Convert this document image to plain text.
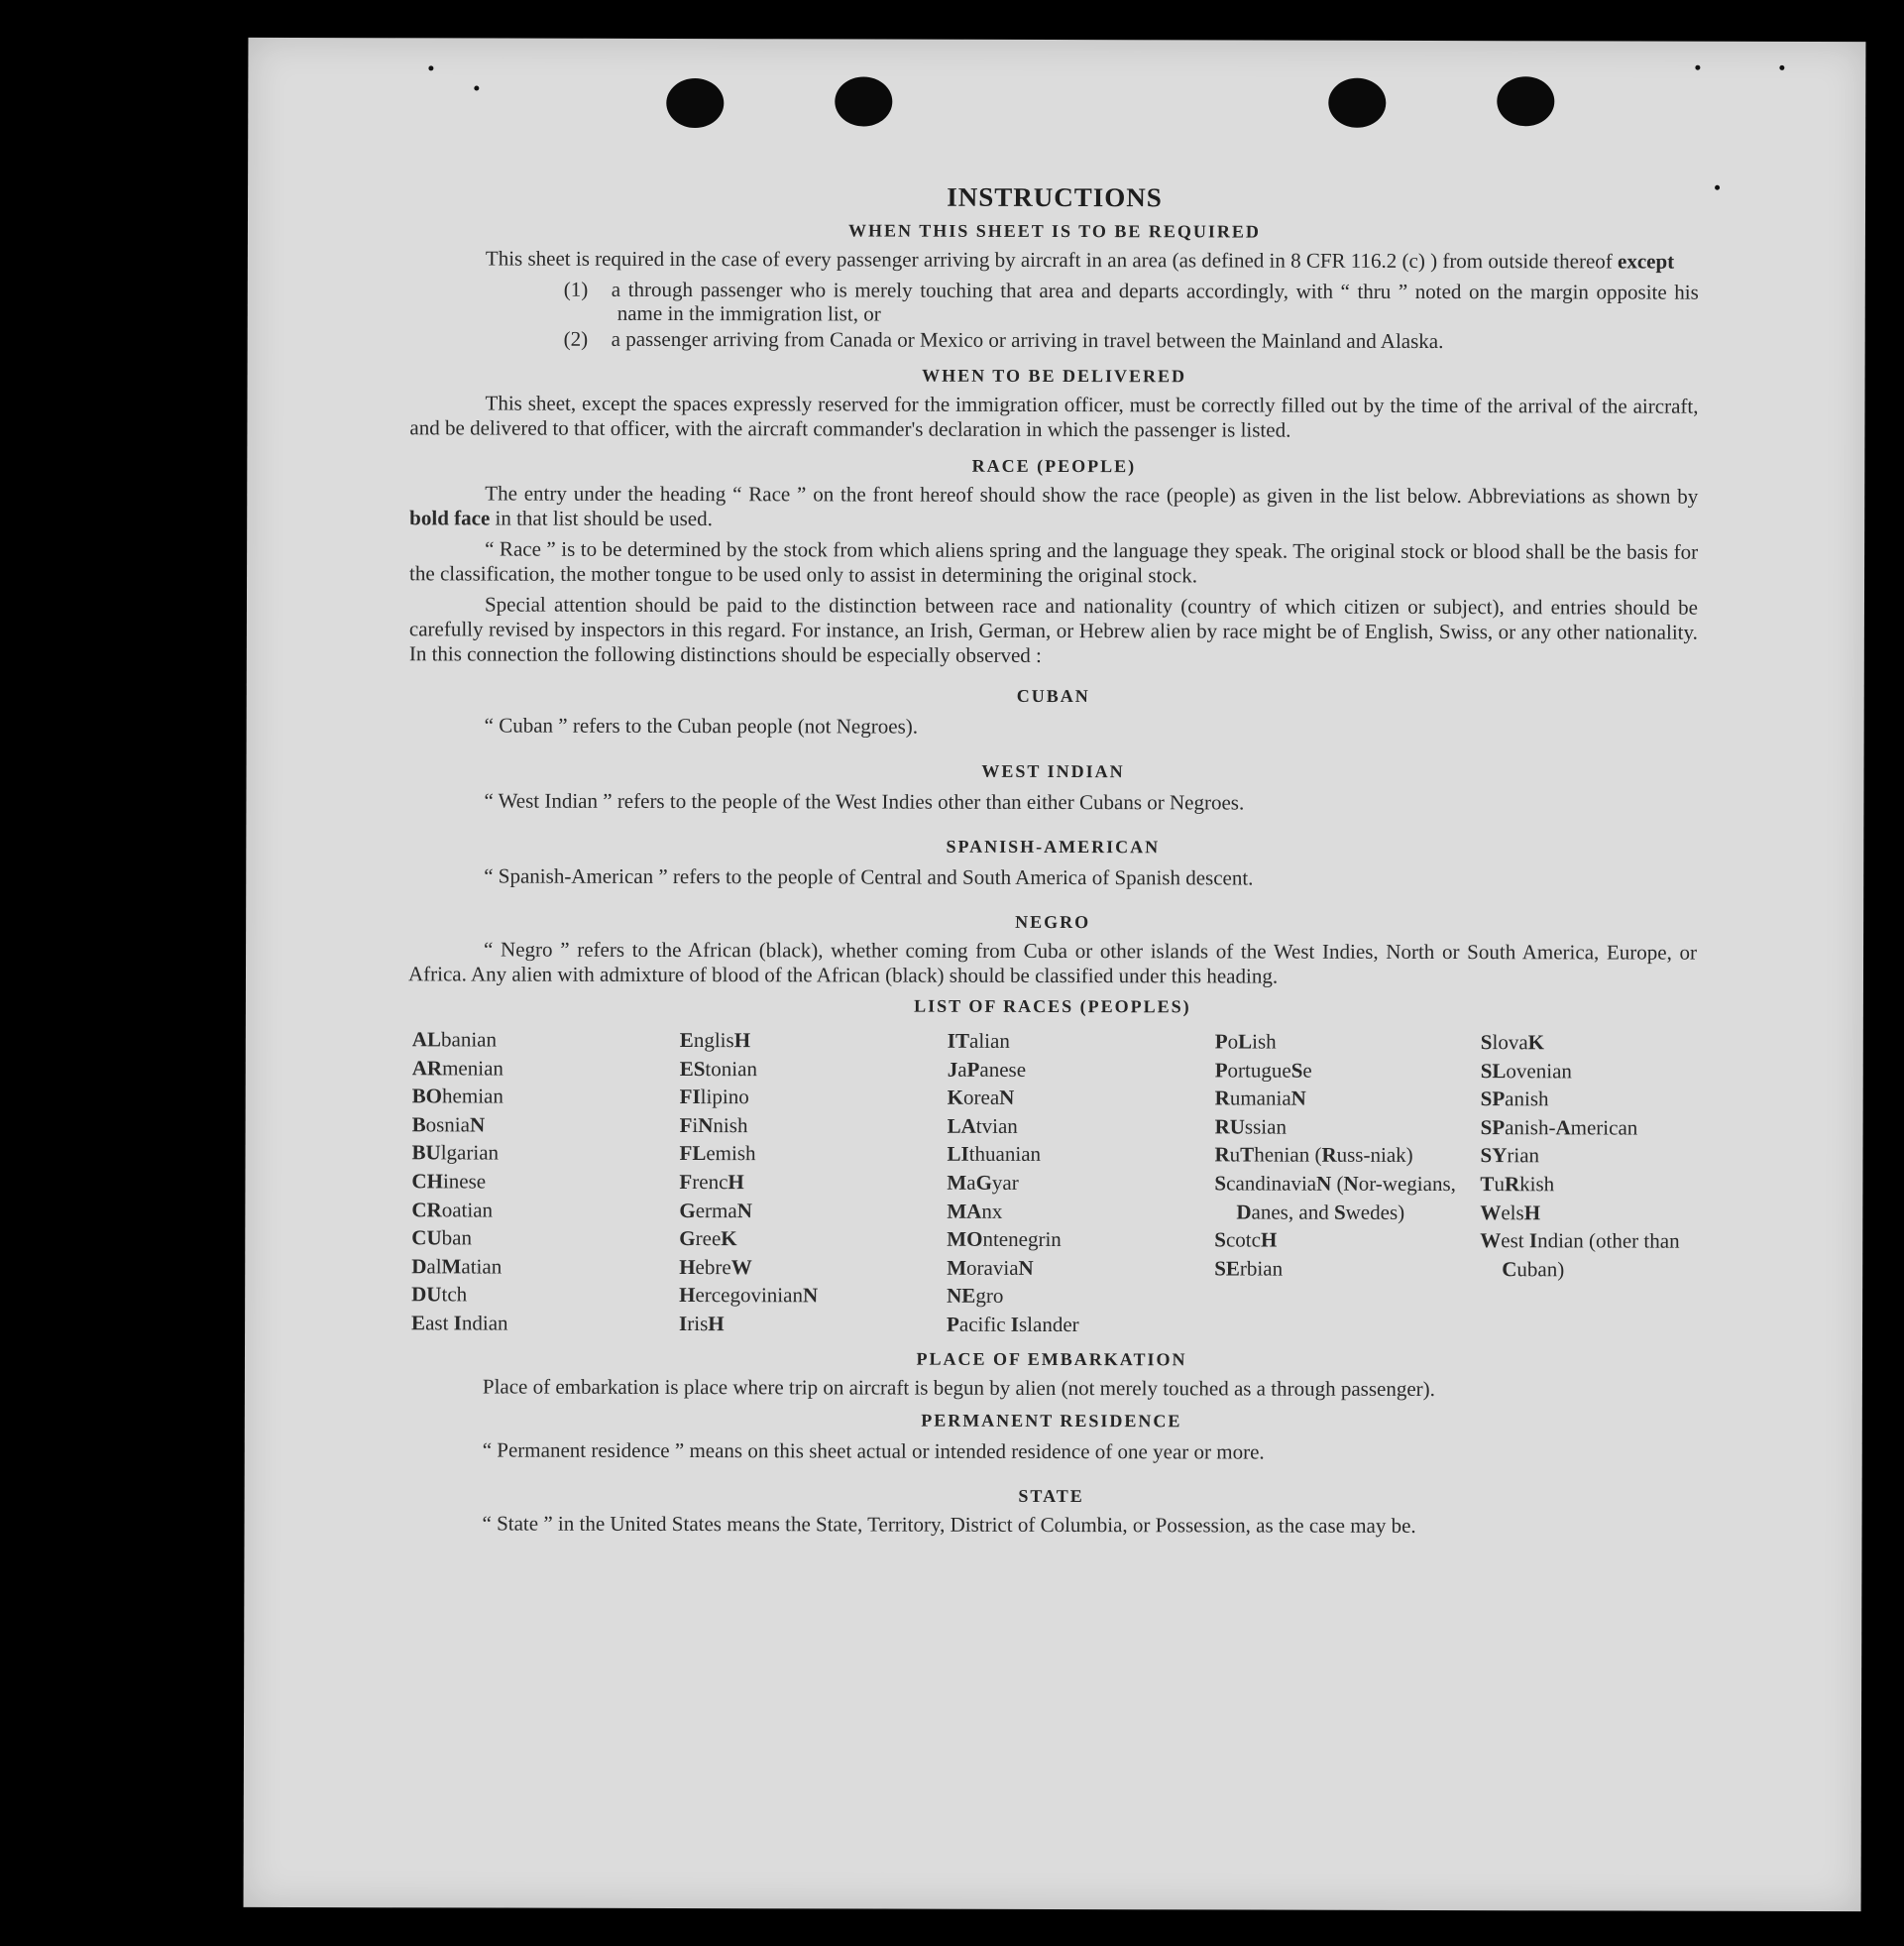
INSTRUCTIONS
WHEN THIS SHEET IS TO BE REQUIRED

This sheet is required in the case of every passenger arriving by aircraft in an area (as defined in 8 CFR 116.2 (c) ) from outside thereof except

(1) a through passenger who is merely touching that area and departs accordingly, with “ thru ” noted on the margin opposite his name in the immigration list, or
(2) a passenger arriving from Canada or Mexico or arriving in travel between the Mainland and Alaska.
WHEN TO BE DELIVERED

This sheet, except the spaces expressly reserved for the immigration officer, must be correctly filled out by the time of the arrival of the aircraft, and be delivered to that officer, with the aircraft commander's declaration in which the passenger is listed.

RACE (PEOPLE)

The entry under the heading “ Race ” on the front hereof should show the race (people) as given in the list below. Abbreviations as shown by bold face in that list should be used.

“ Race ” is to be determined by the stock from which aliens spring and the language they speak. The original stock or blood shall be the basis for the classification, the mother tongue to be used only to assist in determining the original stock.

Special attention should be paid to the distinction between race and nationality (country of which citizen or subject), and entries should be carefully revised by inspectors in this regard. For instance, an Irish, German, or Hebrew alien by race might be of English, Swiss, or any other nationality. In this connection the following distinctions should be especially observed :

CUBAN

“ Cuban ” refers to the Cuban people (not Negroes).

WEST INDIAN

“ West Indian ” refers to the people of the West Indies other than either Cubans or Negroes.

SPANISH-AMERICAN

“ Spanish-American ” refers to the people of Central and South America of Spanish descent.

NEGRO

“ Negro ” refers to the African (black), whether coming from Cuba or other islands of the West Indies, North or South America, Europe, or Africa. Any alien with admixture of blood of the African (black) should be classified under this heading.

LIST OF RACES (PEOPLES)
ALbanian
ARmenian
BOhemian
BosniaN
BUlgarian
CHinese
CRoatian
CUban
DalMatian
DUtch
East Indian
EnglisH
EStonian
FIlipino
FiNnish
FLemish
FrencH
GermaN
GreeK
HebreW
HercegovinianN
IrisH
ITalian
JaPanese
KoreaN
LAtvian
LIthuanian
MaGyar
MAnx
MOntenegrin
MoraviaN
NEgro
Pacific Islander
PoLish
PortugueSe
RumaniaN
RUssian
RuThenian (Russ-niak)
ScandinaviaN (Nor-wegians, Danes, and Swedes)
ScotcH
SErbian
SlovaK
SLovenian
SPanish
SPanish-American
SYrian
TuRkish
WelsH
West Indian (other than Cuban)
PLACE OF EMBARKATION

Place of embarkation is place where trip on aircraft is begun by alien (not merely touched as a through passenger).

PERMANENT RESIDENCE

“ Permanent residence ” means on this sheet actual or intended residence of one year or more.

STATE

“ State ” in the United States means the State, Territory, District of Columbia, or Possession, as the case may be.
